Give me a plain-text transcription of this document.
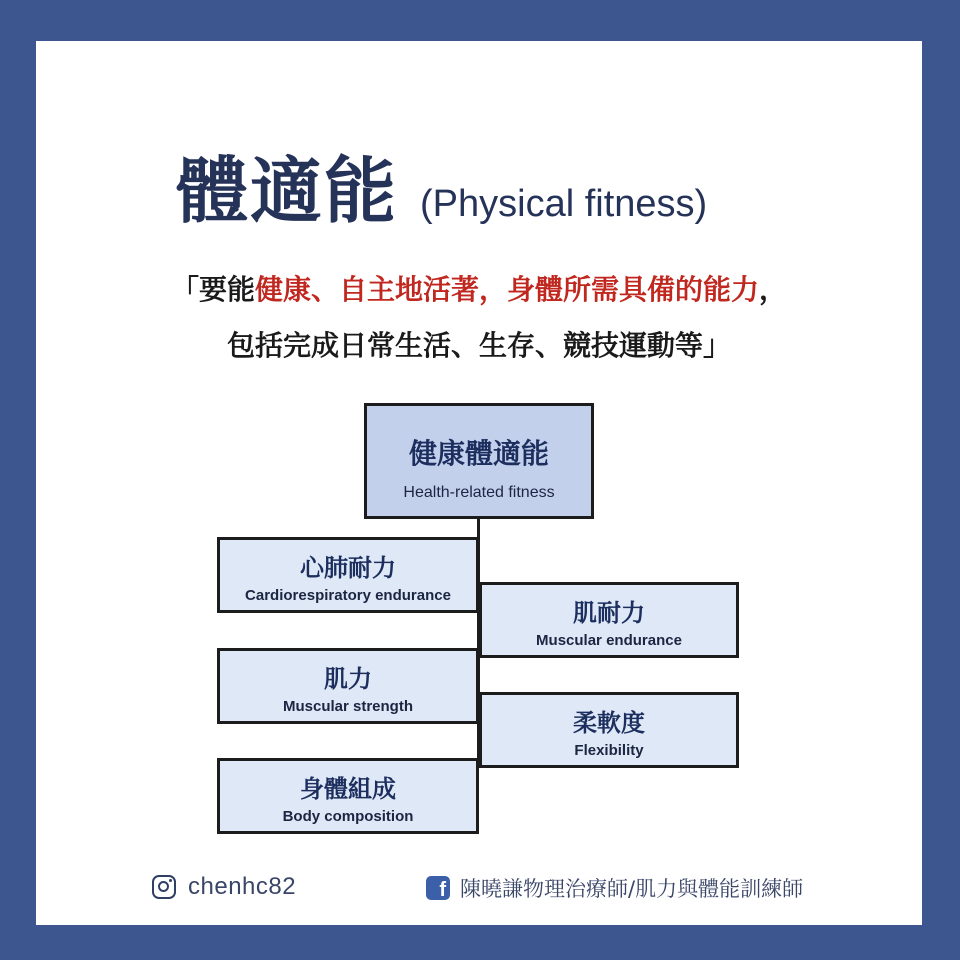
體適能 (Physical fitness)
「要能健康、自主地活著，身體所需具備的能力，
包括完成日常生活、生存、競技運動等」
健康體適能
Health-related fitness
心肺耐力
Cardiorespiratory endurance
肌耐力
Muscular endurance
肌力
Muscular strength
柔軟度
Flexibility
身體組成
Body composition
chenhc82	f 陳曉謙物理治療師/肌力與體能訓練師
